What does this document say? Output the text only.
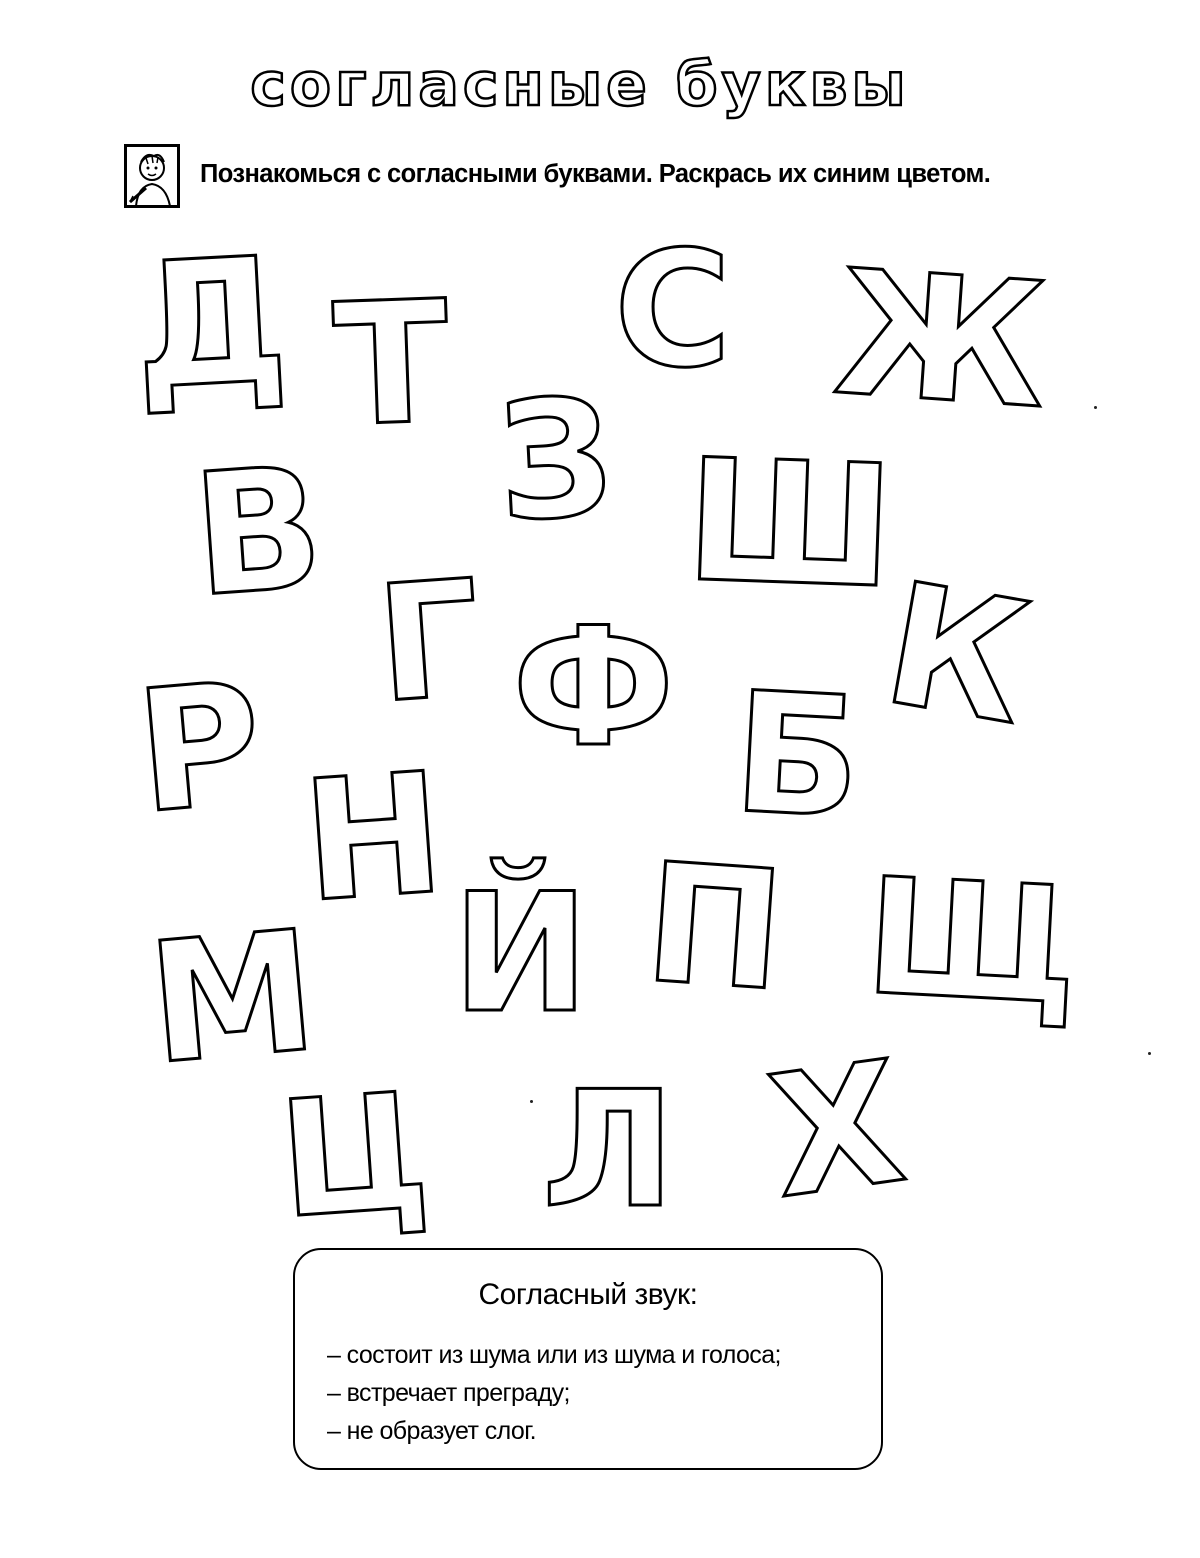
согласные буквы
Познакомься с согласными буквами. Раскрась их синим цветом.
Д Т С Ж
З
В Ш
Г К
Ф
Р	Б
Н П Щ
Й
М
Ц Л Х
Согласный звук:
– состоит из шума или из шума и голоса;
– встречает преграду;
– не образует слог.
